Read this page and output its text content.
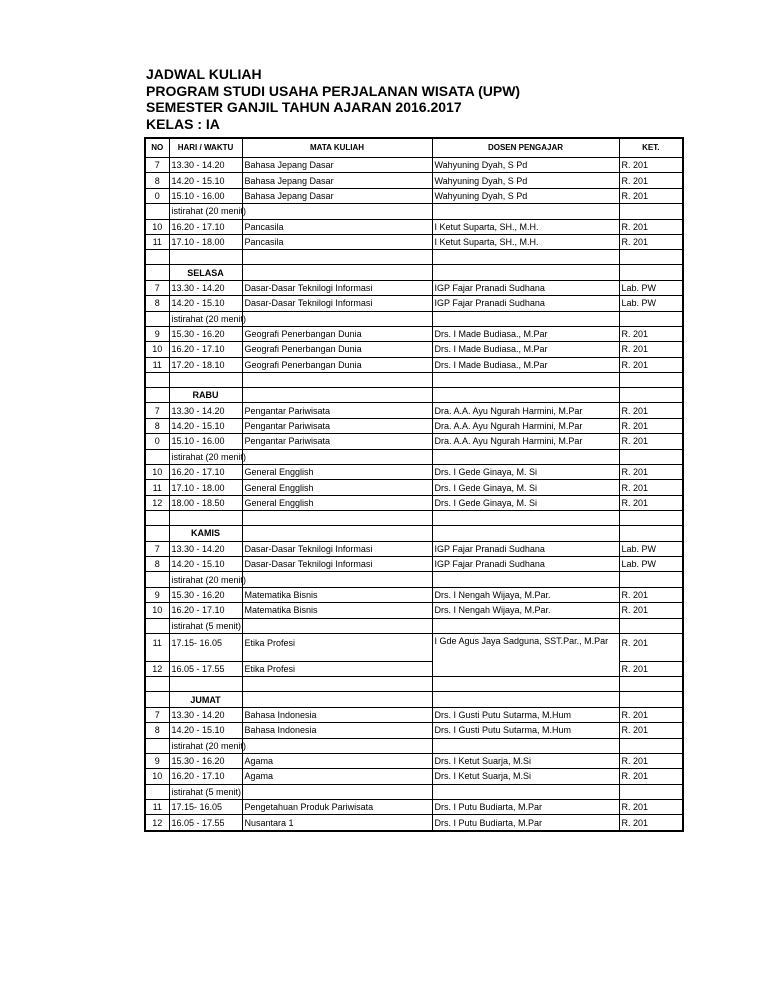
JADWAL KULIAH
PROGRAM STUDI USAHA PERJALANAN WISATA (UPW)
SEMESTER GANJIL TAHUN AJARAN 2016.2017
KELAS : IA
NO	HARI / WAKTU	MATA KULIAH	DOSEN PENGAJAR	KET.
7	13.30 - 14.20	Bahasa Jepang Dasar	Wahyuning Dyah, S Pd	R. 201
8	14.20 - 15.10	Bahasa Jepang Dasar	Wahyuning Dyah, S Pd	R. 201
0	15.10 - 16.00	Bahasa Jepang Dasar	Wahyuning Dyah, S Pd	R. 201
	istirahat (20 menit)			
10	16.20 - 17.10	Pancasila	I Ketut Suparta, SH., M.H.	R. 201
11	17.10 - 18.00	Pancasila	I Ketut Suparta, SH., M.H.	R. 201

	SELASA			
7	13.30 - 14.20	Dasar-Dasar Teknilogi Informasi	IGP Fajar Pranadi Sudhana	Lab. PW
8	14.20 - 15.10	Dasar-Dasar Teknilogi Informasi	IGP Fajar Pranadi Sudhana	Lab. PW
	istirahat (20 menit)			
9	15.30 - 16.20	Geografi Penerbangan Dunia	Drs. I Made Budiasa., M.Par	R. 201
10	16.20 - 17.10	Geografi Penerbangan Dunia	Drs. I Made Budiasa., M.Par	R. 201
11	17.20 - 18.10	Geografi Penerbangan Dunia	Drs. I Made Budiasa., M.Par	R. 201

	RABU			
7	13.30 - 14.20	Pengantar Pariwisata	Dra. A.A. Ayu Ngurah Harmini, M.Par	R. 201
8	14.20 - 15.10	Pengantar Pariwisata	Dra. A.A. Ayu Ngurah Harmini, M.Par	R. 201
0	15.10 - 16.00	Pengantar Pariwisata	Dra. A.A. Ayu Ngurah Harmini, M.Par	R. 201
	istirahat (20 menit)			
10	16.20 - 17.10	General Engglish	Drs. I Gede Ginaya, M. Si	R. 201
11	17.10 - 18.00	General Engglish	Drs. I Gede Ginaya, M. Si	R. 201
12	18.00 - 18.50	General Engglish	Drs. I Gede Ginaya, M. Si	R. 201

	KAMIS			
7	13.30 - 14.20	Dasar-Dasar Teknilogi Informasi	IGP Fajar Pranadi Sudhana	Lab. PW
8	14.20 - 15.10	Dasar-Dasar Teknilogi Informasi	IGP Fajar Pranadi Sudhana	Lab. PW
	istirahat (20 menit)			
9	15.30 - 16.20	Matematika Bisnis	Drs. I Nengah Wijaya, M.Par.	R. 201
10	16.20 - 17.10	Matematika Bisnis	Drs. I Nengah Wijaya, M.Par.	R. 201
	istirahat (5 menit)			
11	17.15- 16.05	Etika Profesi	I Gde Agus Jaya Sadguna, SST.Par., M.Par	R. 201
12	16.05 - 17.55	Etika Profesi		R. 201

	JUMAT			
7	13.30 - 14.20	Bahasa Indonesia	Drs. I Gusti Putu Sutarma, M.Hum	R. 201
8	14.20 - 15.10	Bahasa Indonesia	Drs. I Gusti Putu Sutarma, M.Hum	R. 201
	istirahat (20 menit)			
9	15.30 - 16.20	Agama	Drs. I Ketut Suarja, M.Si	R. 201
10	16.20 - 17.10	Agama	Drs. I Ketut Suarja, M.Si	R. 201
	istirahat (5 menit)			
11	17.15- 16.05	Pengetahuan Produk Pariwisata	Drs. I Putu Budiarta, M.Par	R. 201
12	16.05 - 17.55	Nusantara 1	Drs. I Putu Budiarta, M.Par	R. 201
